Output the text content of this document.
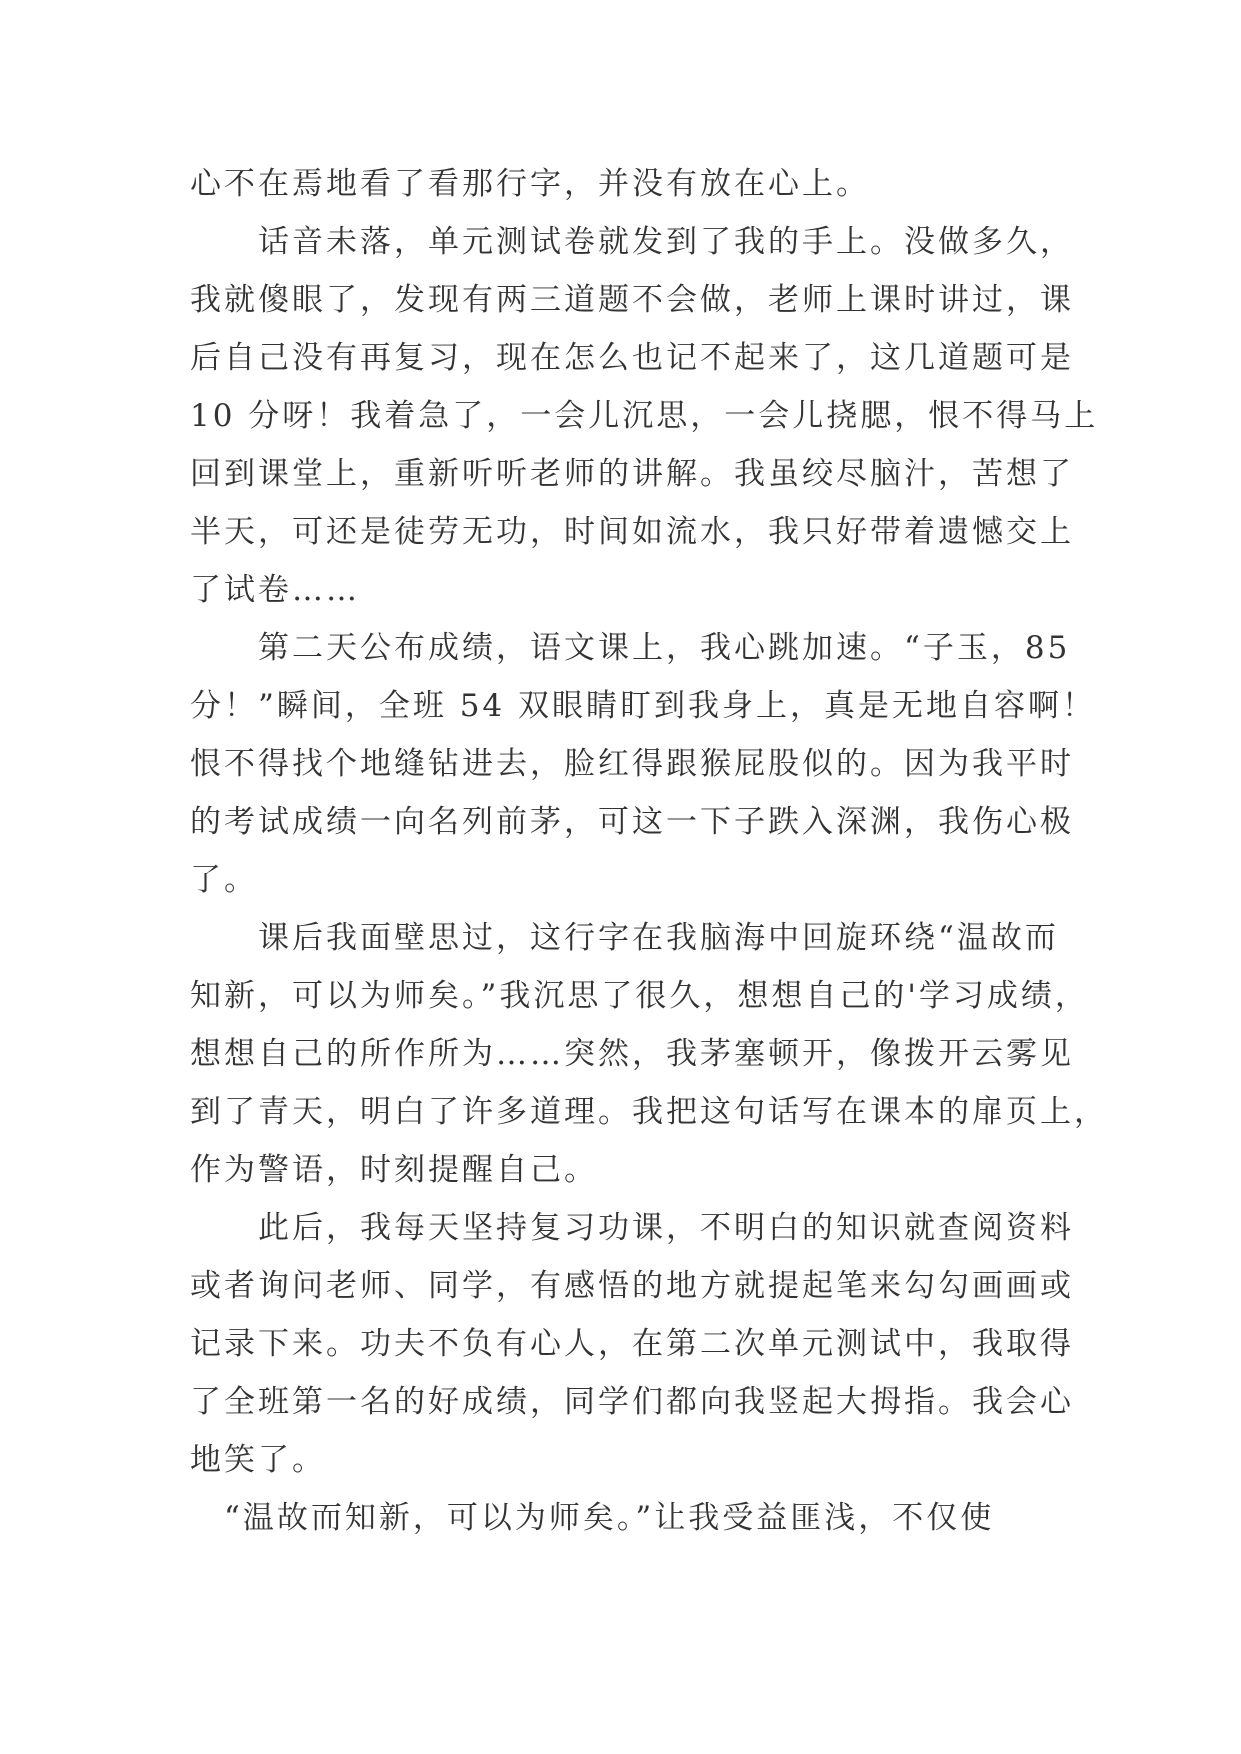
心不在焉地看了看那行字，并没有放在心上。
　　话音未落，单元测试卷就发到了我的手上。没做多久，
我就傻眼了，发现有两三道题不会做，老师上课时讲过，课
后自己没有再复习，现在怎么也记不起来了，这几道题可是
10 分呀！我着急了，一会儿沉思，一会儿挠腮，恨不得马上
回到课堂上，重新听听老师的讲解。我虽绞尽脑汁，苦想了
半天，可还是徒劳无功，时间如流水，我只好带着遗憾交上
了试卷……
　　第二天公布成绩，语文课上，我心跳加速。“子玉，85
分！”瞬间，全班 54 双眼睛盯到我身上，真是无地自容啊！
恨不得找个地缝钻进去，脸红得跟猴屁股似的。因为我平时
的考试成绩一向名列前茅，可这一下子跌入深渊，我伤心极
了。
　　课后我面壁思过，这行字在我脑海中回旋环绕“温故而
知新，可以为师矣。”我沉思了很久，想想自己的'学习成绩，
想想自己的所作所为……突然，我茅塞顿开，像拨开云雾见
到了青天，明白了许多道理。我把这句话写在课本的扉页上，
作为警语，时刻提醒自己。
　　此后，我每天坚持复习功课，不明白的知识就查阅资料
或者询问老师、同学，有感悟的地方就提起笔来勾勾画画或
记录下来。功夫不负有心人，在第二次单元测试中，我取得
了全班第一名的好成绩，同学们都向我竖起大拇指。我会心
地笑了。
　“温故而知新，可以为师矣。”让我受益匪浅，不仅使
